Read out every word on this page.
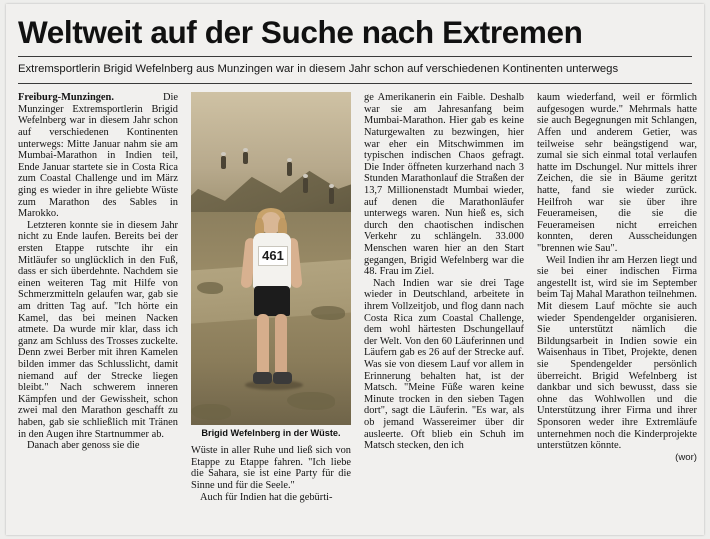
Weltweit auf der Suche nach Extremen
Extremsportlerin Brigid Wefelnberg aus Munzingen war in diesem Jahr schon auf verschiedenen Kontinenten unterwegs

Freiburg-Munzingen. Die Munzinger Extremsportlerin Brigid Wefelnberg war in diesem Jahr schon auf verschiedenen Kontinenten unterwegs: Mitte Januar nahm sie am Mumbai-Marathon in Indien teil, Ende Januar startete sie in Costa Rica zum Coastal Challenge und im März ging es wieder in ihre geliebte Wüste zum Marathon des Sables in Marokko.

Letzteren konnte sie in diesem Jahr nicht zu Ende laufen. Bereits bei der ersten Etappe rutschte ihr ein Mitläufer so unglücklich in den Fuß, dass er sich überdehnte. Nachdem sie einen weiteren Tag mit Hilfe von Schmerzmitteln gelaufen war, gab sie am dritten Tag auf. "Ich hörte ein Kamel, das bei meinen Nacken atmete. Da wurde mir klar, dass ich ganz am Schluss des Trosses zuckelte. Denn zwei Berber mit ihren Kamelen bilden immer das Schlusslicht, damit niemand auf der Strecke liegen bleibt." Nach schwerem inneren Kämpfen und der Gewissheit, schon zwei mal den Marathon geschafft zu haben, gab sie schließlich mit Tränen in den Augen ihre Startnummer ab.

Danach aber genoss sie die

461
Brigid Wefelnberg in der Wüste.

Wüste in aller Ruhe und ließ sich von Etappe zu Etappe fahren. "Ich liebe die Sahara, sie ist eine Party für die Sinne und für die Seele."

Auch für Indien hat die gebürti-

ge Amerikanerin ein Faible. Deshalb war sie am Jahresanfang beim Mumbai-Marathon. Hier gab es keine Naturgewalten zu bezwingen, hier war eher ein Mitschwimmen im typischen indischen Chaos gefragt. Die Inder öffneten kurzerhand nach 3 Stunden Marathonlauf die Straßen der 13,7 Millionenstadt Mumbai wieder, auf denen die Marathonläufer unterwegs waren. Nun hieß es, sich durch den chaotischen indischen Verkehr zu schlängeln. 33.000 Menschen waren hier an den Start gegangen, Brigid Wefelnberg war die 48. Frau im Ziel.

Nach Indien war sie drei Tage wieder in Deutschland, arbeitete in ihrem Vollzeitjob, und flog dann nach Costa Rica zum Coastal Challenge, dem wohl härtesten Dschungellauf der Welt. Von den 60 Läuferinnen und Läufern gab es 26 auf der Strecke auf. Was sie von diesem Lauf vor allem in Erinnerung behalten hat, ist der Matsch. "Meine Füße waren keine Minute trocken in den sieben Tagen dort", sagt die Läuferin. "Es war, als ob jemand Wassereimer über dir ausleerte. Oft blieb ein Schuh im Matsch stecken, den ich

kaum wiederfand, weil er förmlich aufgesogen wurde." Mehrmals hatte sie auch Begegnungen mit Schlangen, Affen und anderem Getier, was teilweise sehr beängstigend war, zumal sie sich einmal total verlaufen hatte im Dschungel. Nur mittels ihrer Zeichen, die sie in Bäume geritzt hatte, fand sie wieder zurück. Heilfroh war sie über ihre Feuerameisen, die sie die Feuerameisen nicht erreichen konnten, deren Ausscheidungen "brennen wie Sau".

Weil Indien ihr am Herzen liegt und sie bei einer indischen Firma angestellt ist, wird sie im September beim Taj Mahal Marathon teilnehmen. Mit diesem Lauf möchte sie auch wieder Spendengelder organisieren. Sie unterstützt nämlich die Bildungsarbeit in Indien sowie ein Waisenhaus in Tibet, Projekte, denen sie Spendengelder persönlich überreicht. Brigid Wefelnberg ist dankbar und sich bewusst, dass sie ohne das Wohlwollen und die Unterstützung ihrer Firma und ihrer Sponsoren weder ihre Extremläufe unternehmen noch die Kinderprojekte unterstützen könnte.

(wor)
